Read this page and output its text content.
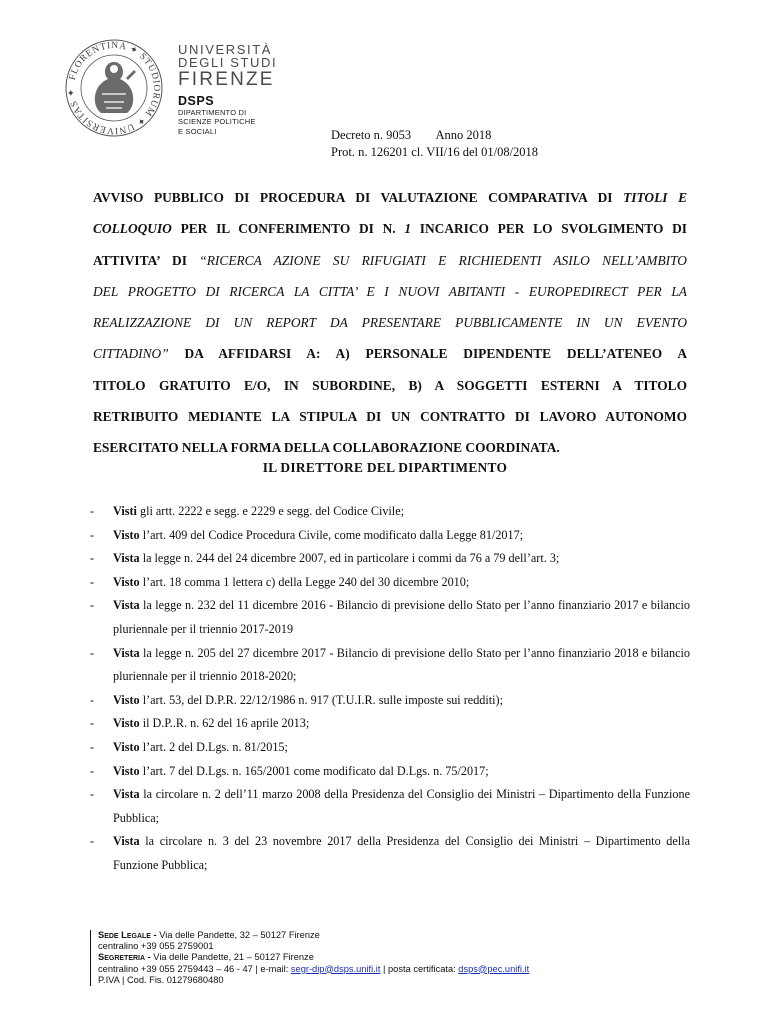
FLORENTINA ✦ STUDIORUM ✦ UNIVERSITAS ✦
UNIVERSITÀ
DEGLI STUDI
FIRENZE
DSPS
DIPARTIMENTO DI
SCIENZE POLITICHE
E SOCIALI	Decreto n. 9053        Anno 2018
Prot. n. 126201 cl. VII/16 del 01/08/2018
AVVISO PUBBLICO DI PROCEDURA DI VALUTAZIONE COMPARATIVA DI TITOLI E
COLLOQUIO PER IL CONFERIMENTO DI N. 1 INCARICO PER LO SVOLGIMENTO DI
ATTIVITA’ DI “RICERCA AZIONE SU RIFUGIATI E RICHIEDENTI ASILO NELL’AMBITO
DEL PROGETTO DI RICERCA LA CITTA’ E I NUOVI ABITANTI - EUROPEDIRECT PER LA
REALIZZAZIONE DI UN REPORT DA PRESENTARE PUBBLICAMENTE IN UN EVENTO
CITTADINO” DA AFFIDARSI A: A) PERSONALE DIPENDENTE DELL’ATENEO A
TITOLO GRATUITO E/O, IN SUBORDINE, B) A SOGGETTI ESTERNI A TITOLO
RETRIBUITO MEDIANTE LA STIPULA DI UN CONTRATTO DI LAVORO AUTONOMO
ESERCITATO NELLA FORMA DELLA COLLABORAZIONE COORDINATA.
IL DIRETTORE DEL DIPARTIMENTO
- Visti gli artt. 2222 e segg. e 2229 e segg. del Codice Civile;
- Visto l’art. 409 del Codice Procedura Civile, come modificato dalla Legge 81/2017;
- Vista la legge n. 244 del 24 dicembre 2007, ed in particolare i commi da 76 a 79 dell’art. 3;
- Visto l’art. 18 comma 1 lettera c) della Legge 240 del 30 dicembre 2010;
- Vista la legge n. 232 del 11 dicembre 2016 - Bilancio di previsione dello Stato per l’anno finanziario 2017 e bilancio pluriennale per il triennio 2017-2019
- Vista la legge n. 205 del 27 dicembre 2017 - Bilancio di previsione dello Stato per l’anno finanziario 2018 e bilancio pluriennale per il triennio 2018-2020;
- Visto l’art. 53, del D.P.R. 22/12/1986 n. 917 (T.U.I.R. sulle imposte sui redditi);
- Visto il D.P..R. n. 62 del 16 aprile 2013;
- Visto l’art. 2 del D.Lgs. n. 81/2015;
- Visto l’art. 7 del D.Lgs. n. 165/2001 come modificato dal D.Lgs. n. 75/2017;
- Vista la circolare n. 2 dell’11 marzo 2008 della Presidenza del Consiglio dei Ministri – Dipartimento della Funzione Pubblica;
- Vista la circolare n. 3 del 23 novembre 2017 della Presidenza del Consiglio dei Ministri – Dipartimento della Funzione Pubblica;
Sede Legale - Via delle Pandette, 32 – 50127 Firenze
centralino +39 055 2759001
Segreteria - Via delle Pandette, 21 – 50127 Firenze
centralino +39 055 2759443 – 46 - 47 | e-mail: segr-dip@dsps.unifi.it | posta certificata: dsps@pec.unifi.it
P.IVA | Cod. Fis. 01279680480
